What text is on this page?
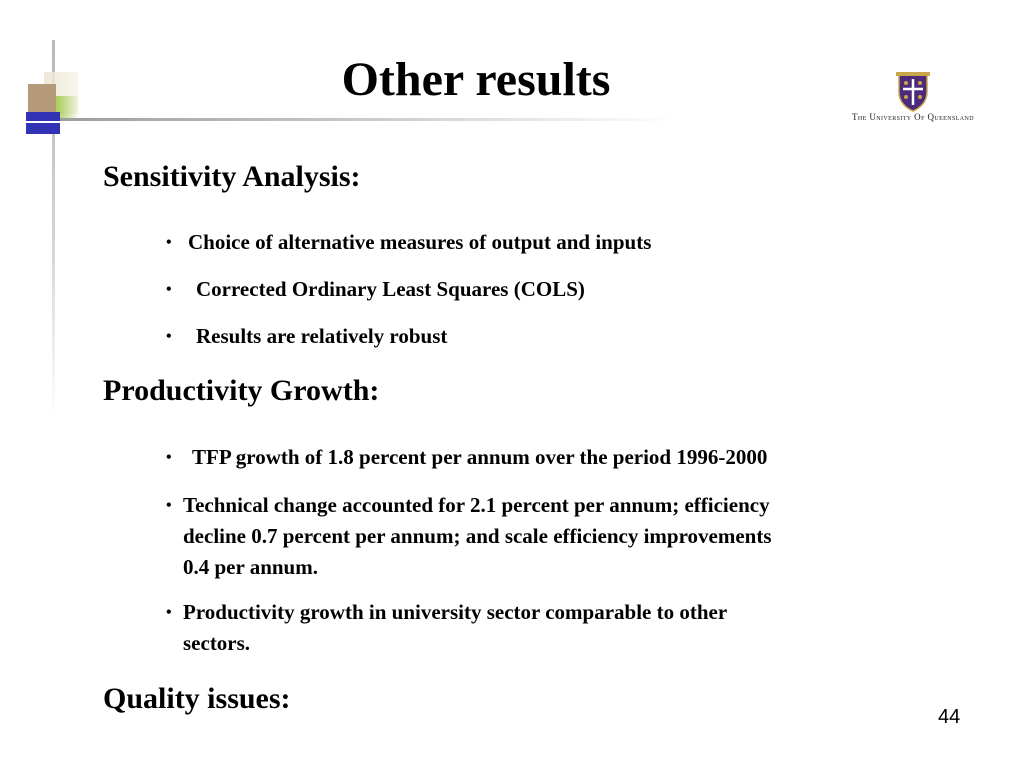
Other results
The University Of Queensland
Sensitivity Analysis:
• Choice of alternative measures of output and inputs
• Corrected Ordinary Least Squares (COLS)
• Results are relatively robust
Productivity Growth:
• TFP growth of 1.8 percent per annum over the period 1996-2000
• Technical change accounted for 2.1 percent per annum; efficiency
decline 0.7 percent per annum; and scale efficiency improvements
0.4 per annum.
• Productivity growth in university sector comparable to other
sectors.
Quality issues:
44
